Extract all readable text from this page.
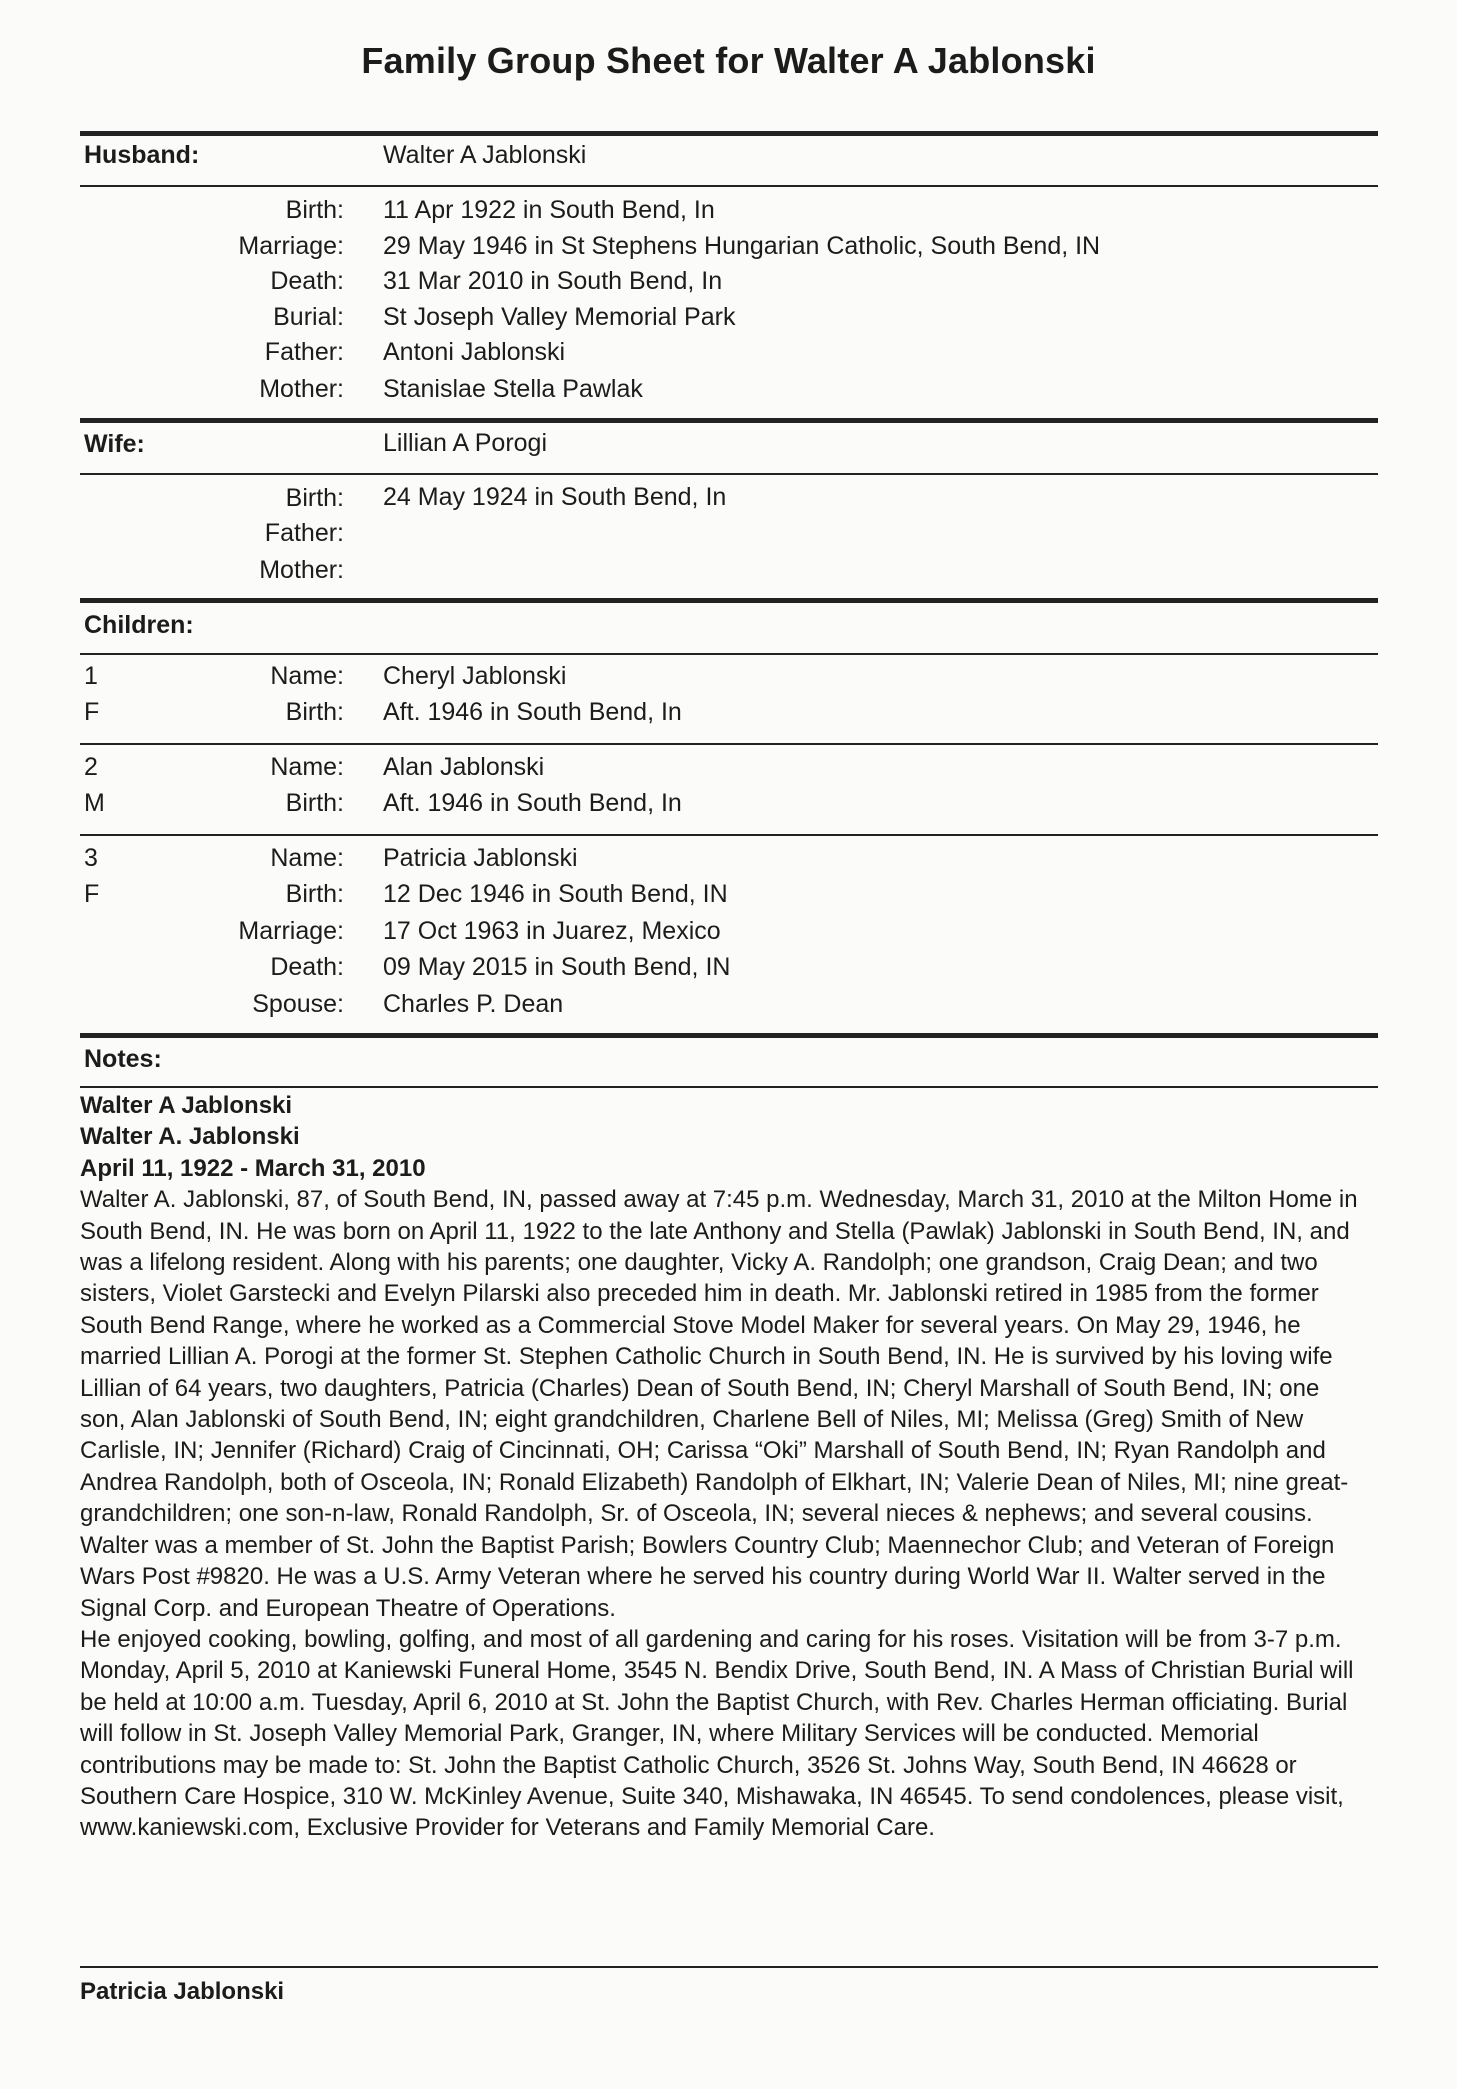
Family Group Sheet for Walter A Jablonski
Husband:	Walter A Jablonski
Birth: 11 Apr 1922 in South Bend, In
Marriage: 29 May 1946 in St Stephens Hungarian Catholic, South Bend, IN
Death: 31 Mar 2010 in South Bend, In
Burial: St Joseph Valley Memorial Park
Father: Antoni Jablonski
Mother: Stanislae Stella Pawlak
Wife:	Lillian A Porogi
Birth: 24 May 1924 in South Bend, In
Father:
Mother:
Children:
1
F
Name: Cheryl Jablonski
Birth: Aft. 1946 in South Bend, In
2
M
Name: Alan Jablonski
Birth: Aft. 1946 in South Bend, In
3
F
Name: Patricia Jablonski
Birth: 12 Dec 1946 in South Bend, IN
Marriage: 17 Oct 1963 in Juarez, Mexico
Death: 09 May 2015 in South Bend, IN
Spouse: Charles P. Dean
Notes:
Walter A Jablonski
Walter A. Jablonski
April 11, 1922 - March 31, 2010

Walter A. Jablonski, 87, of South Bend, IN, passed away at 7:45 p.m. Wednesday, March 31, 2010 at the Milton Home in South Bend, IN. He was born on April 11, 1922 to the late Anthony and Stella (Pawlak) Jablonski in South Bend, IN, and was a lifelong resident. Along with his parents; one daughter, Vicky A. Randolph; one grandson, Craig Dean; and two sisters, Violet Garstecki and Evelyn Pilarski also preceded him in death. Mr. Jablonski retired in 1985 from the former South Bend Range, where he worked as a Commercial Stove Model Maker for several years. On May 29, 1946, he married Lillian A. Porogi at the former St. Stephen Catholic Church in South Bend, IN. He is survived by his loving wife Lillian of 64 years, two daughters, Patricia (Charles) Dean of South Bend, IN; Cheryl Marshall of South Bend, IN; one son, Alan Jablonski of South Bend, IN; eight grandchildren, Charlene Bell of Niles, MI; Melissa (Greg) Smith of New Carlisle, IN; Jennifer (Richard) Craig of Cincinnati, OH; Carissa “Oki” Marshall of South Bend, IN; Ryan Randolph and Andrea Randolph, both of Osceola, IN; Ronald Elizabeth) Randolph of Elkhart, IN; Valerie Dean of Niles, MI; nine great-grandchildren; one son-n-law, Ronald Randolph, Sr. of Osceola, IN; several nieces & nephews; and several cousins. Walter was a member of St. John the Baptist Parish; Bowlers Country Club; Maennechor Club; and Veteran of Foreign Wars Post #9820. He was a U.S. Army Veteran where he served his country during World War II. Walter served in the Signal Corp. and European Theatre of Operations.

He enjoyed cooking, bowling, golfing, and most of all gardening and caring for his roses. Visitation will be from 3-7 p.m. Monday, April 5, 2010 at Kaniewski Funeral Home, 3545 N. Bendix Drive, South Bend, IN. A Mass of Christian Burial will be held at 10:00 a.m. Tuesday, April 6, 2010 at St. John the Baptist Church, with Rev. Charles Herman officiating. Burial will follow in St. Joseph Valley Memorial Park, Granger, IN, where Military Services will be conducted. Memorial contributions may be made to: St. John the Baptist Catholic Church, 3526 St. Johns Way, South Bend, IN 46628 or Southern Care Hospice, 310 W. McKinley Avenue, Suite 340, Mishawaka, IN 46545. To send condolences, please visit, www.kaniewski.com, Exclusive Provider for Veterans and Family Memorial Care.

Patricia Jablonski
